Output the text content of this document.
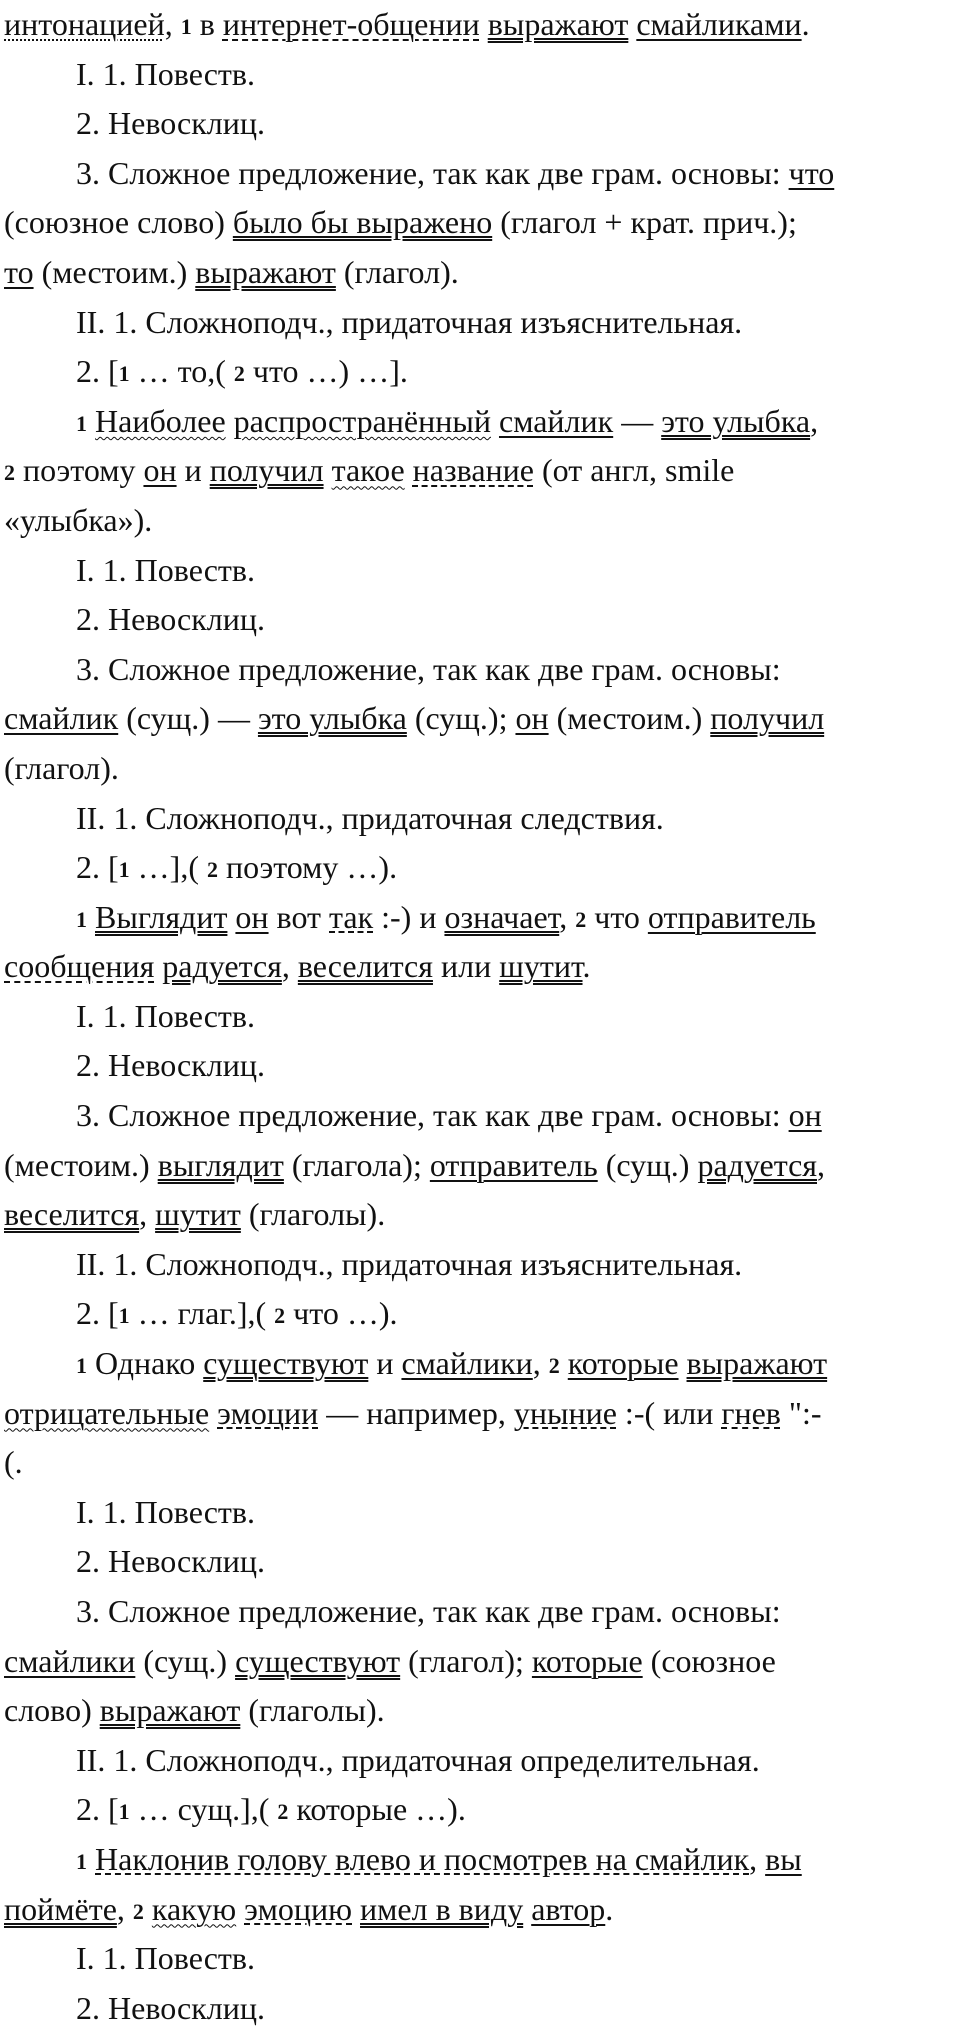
интонацией, 1 в интернет-общении выражают смайликами.
I. 1. Повеств.
2. Невосклиц.
3. Сложное предложение, так как две грам. основы: что
(союзное слово) было бы выражено (глагол + крат. прич.);
то (местоим.) выражают (глагол).
II. 1. Сложноподч., придаточная изъяснительная.
2. [1 … то,( 2 что …) …].
1 Наиболее распространённый смайлик — это улыбка,
2 поэтому он и получил такое название (от англ, smile
«улыбка»).
I. 1. Повеств.
2. Невосклиц.
3. Сложное предложение, так как две грам. основы:
смайлик (сущ.) — это улыбка (сущ.); он (местоим.) получил
(глагол).
II. 1. Сложноподч., придаточная следствия.
2. [1 …],( 2 поэтому …).
1 Выглядит он вот так :-) и означает, 2 что отправитель
сообщения радуется, веселится или шутит.
I. 1. Повеств.
2. Невосклиц.
3. Сложное предложение, так как две грам. основы: он
(местоим.) выглядит (глагола); отправитель (сущ.) радуется,
веселится, шутит (глаголы).
II. 1. Сложноподч., придаточная изъяснительная.
2. [1 … глаг.],( 2 что …).
1 Однако существуют и смайлики, 2 которые выражают
отрицательные эмоции — например, уныние :-( или гнев ":-
(.
I. 1. Повеств.
2. Невосклиц.
3. Сложное предложение, так как две грам. основы:
смайлики (сущ.) существуют (глагол); которые (союзное
слово) выражают (глаголы).
II. 1. Сложноподч., придаточная определительная.
2. [1 … сущ.],( 2 которые …).
1 Наклонив голову влево и посмотрев на смайлик, вы
поймёте, 2 какую эмоцию имел в виду автор.
I. 1. Повеств.
2. Невосклиц.
